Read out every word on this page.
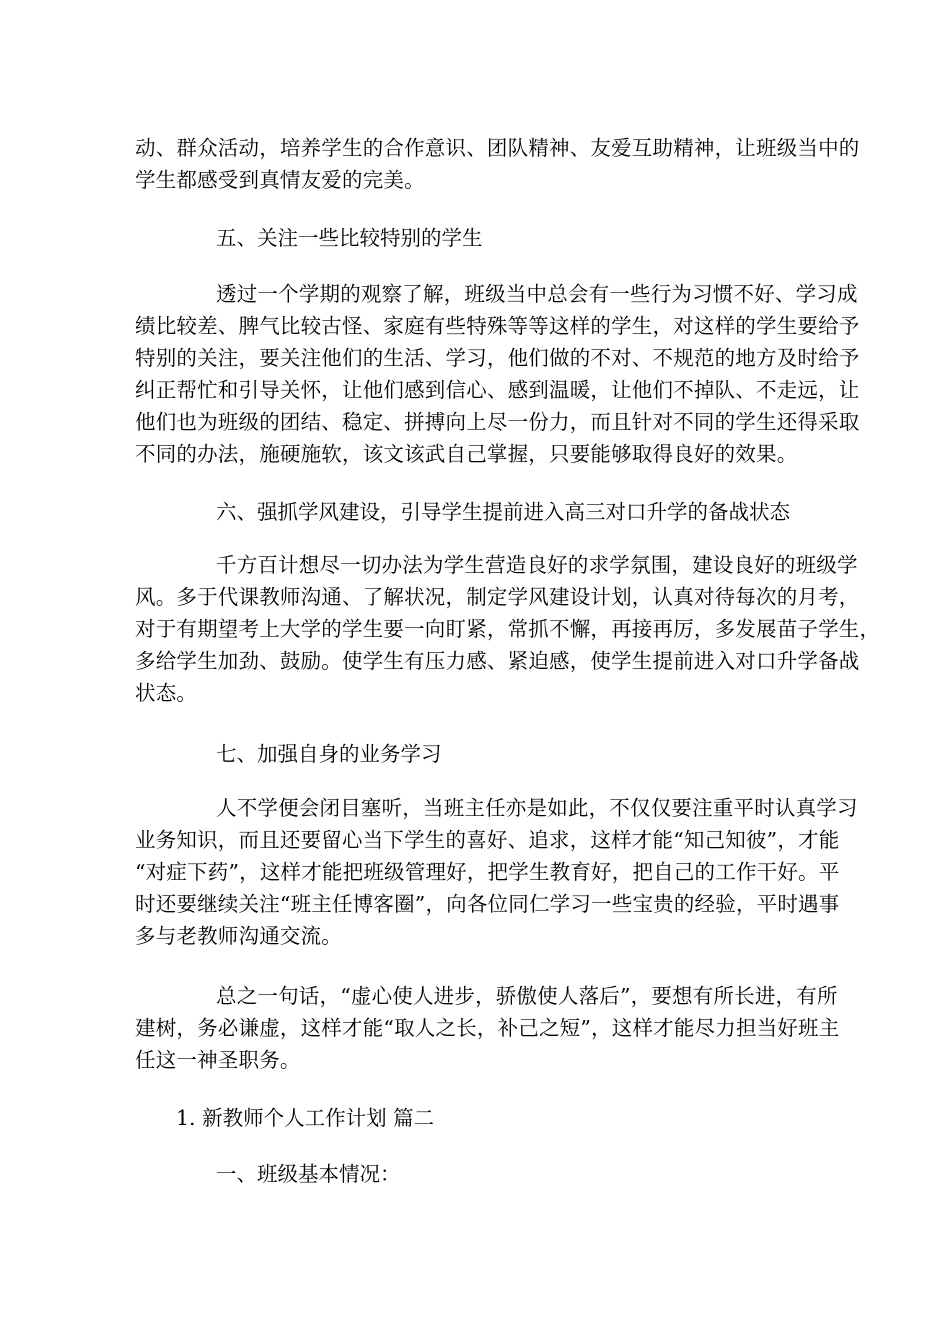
动、群众活动，培养学生的合作意识、团队精神、友爱互助精神，让班级当中的
学生都感受到真情友爱的完美。
五、关注一些比较特别的学生
透过一个学期的观察了解，班级当中总会有一些行为习惯不好、学习成
绩比较差、脾气比较古怪、家庭有些特殊等等这样的学生，对这样的学生要给予
特别的关注，要关注他们的生活、学习，他们做的不对、不规范的地方及时给予
纠正帮忙和引导关怀，让他们感到信心、感到温暖，让他们不掉队、不走远，让
他们也为班级的团结、稳定、拼搏向上尽一份力，而且针对不同的学生还得采取
不同的办法，施硬施软，该文该武自己掌握，只要能够取得良好的效果。
六、强抓学风建设，引导学生提前进入高三对口升学的备战状态
千方百计想尽一切办法为学生营造良好的求学氛围，建设良好的班级学
风。多于代课教师沟通、了解状况，制定学风建设计划，认真对待每次的月考，
对于有期望考上大学的学生要一向盯紧，常抓不懈，再接再厉，多发展苗子学生，
多给学生加劲、鼓励。使学生有压力感、紧迫感，使学生提前进入对口升学备战
状态。
七、加强自身的业务学习
人不学便会闭目塞听，当班主任亦是如此，不仅仅要注重平时认真学习
业务知识，而且还要留心当下学生的喜好、追求，这样才能“知己知彼”，才能
“对症下药”，这样才能把班级管理好，把学生教育好，把自己的工作干好。平
时还要继续关注“班主任博客圈”，向各位同仁学习一些宝贵的经验，平时遇事
多与老教师沟通交流。
总之一句话，“虚心使人进步，骄傲使人落后”，要想有所长进，有所
建树，务必谦虚，这样才能“取人之长，补己之短”，这样才能尽力担当好班主
任这一神圣职务。
1. 新教师个人工作计划 篇二
一、班级基本情况：
